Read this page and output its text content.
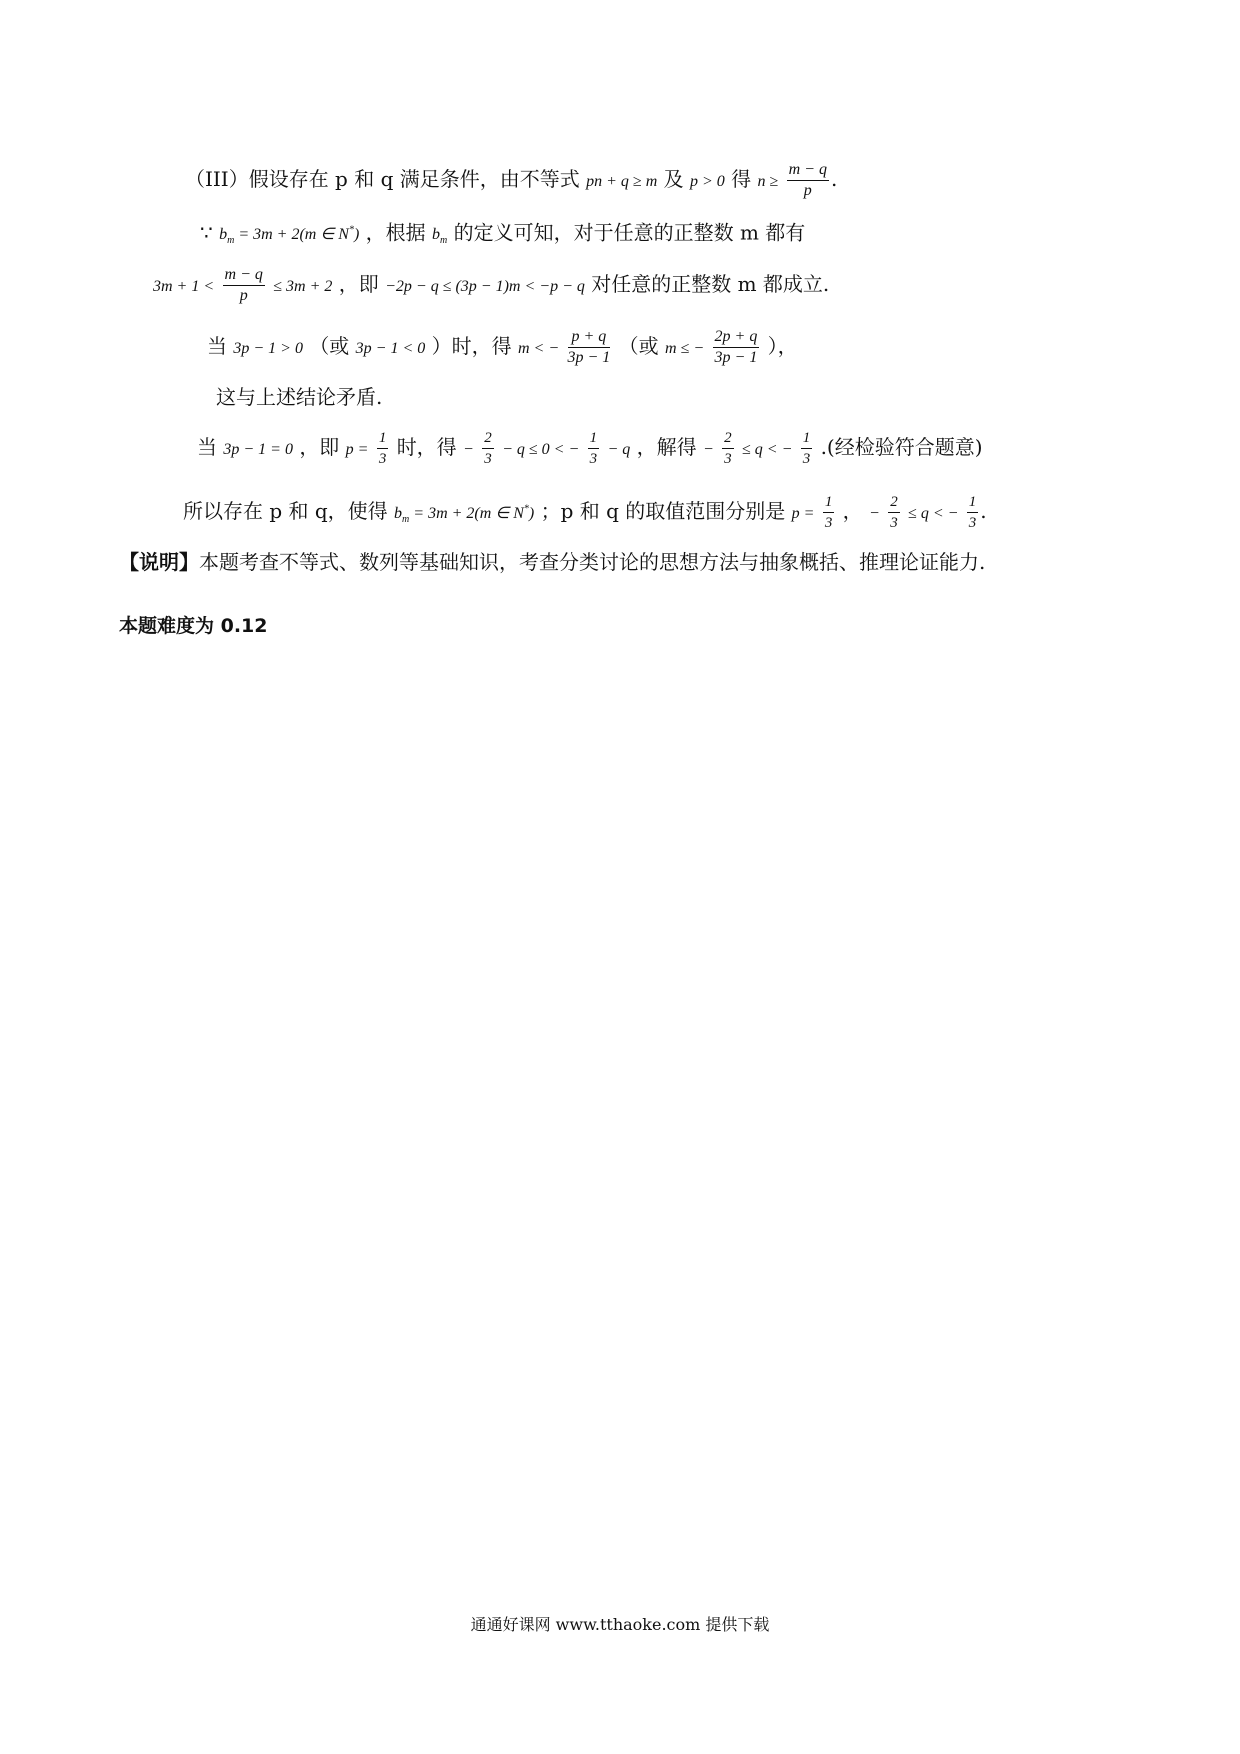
（III）假设存在 p 和 q 满足条件，由不等式 pn + q ≥ m 及 p > 0 得 $n \ge \frac{m - q}{p}$ .
∵ $b_m = 3m + 2(m$ ∈ N*) ，根据 $b_m$ 的定义可知，对于任意的正整数 m 都有
$3m + 1 < \frac{m - q}{p} \le 3m + 2$ ，即 −2p − q ≤ (3p − 1)m < −p − q 对任意的正整数 m 都成立.
当 3p − 1 > 0 （或 3p − 1 < 0 ）时，得 m < − $\frac{p + q}{3p - 1}$ （或 m ≤ − $\frac{2p + q}{3p - 1}$ ），
这与上述结论矛盾.
当 3p − 1 = 0 ，即 $p = \frac{1}{3}$ 时，得 − $\frac{2}{3} - q \le 0$ < − $\frac{1}{3} - q$ ，解得 − $\frac{2}{3} \le q$ < − $\frac{1}{3}$ .(经检验符合题意)
所以存在 p 和 q，使得 $b_m = 3m + 2(m$ ∈ N*) ；p 和 q 的取值范围分别是 $p = \frac{1}{3}$ ， − $\frac{2}{3} \le q$ < − $\frac{1}{3}$ .
【说明】本题考查不等式、数列等基础知识，考查分类讨论的思想方法与抽象概括、推理论证能力.
本题难度为 0.12
通通好课网 www.tthaoke.com 提供下载
